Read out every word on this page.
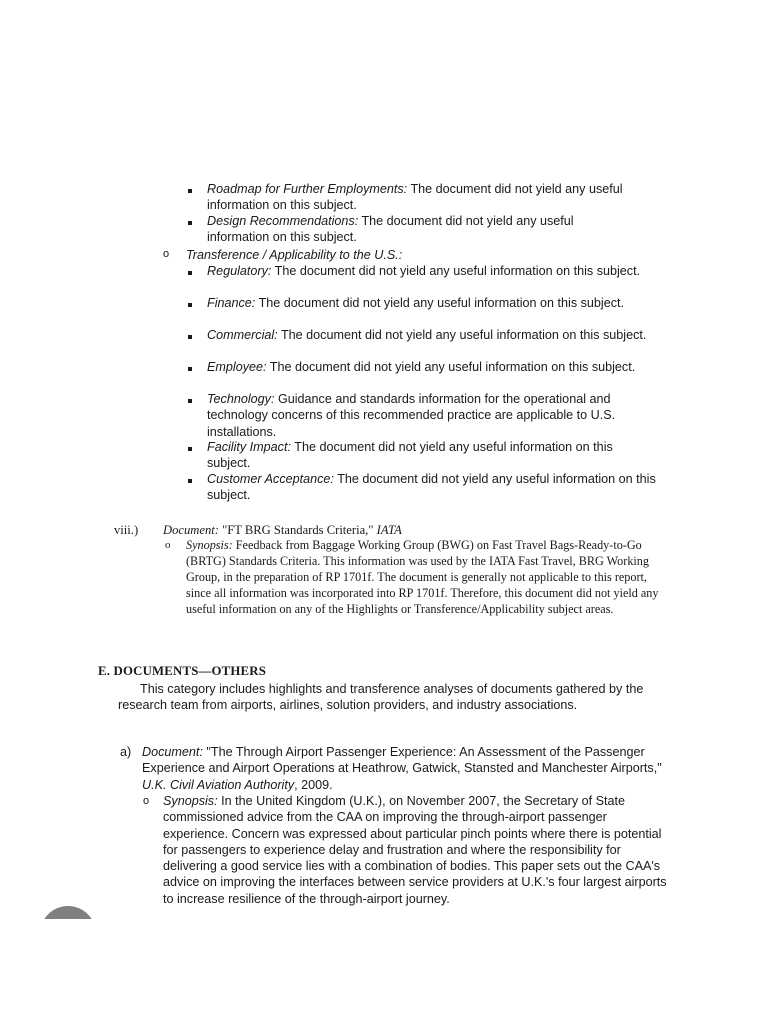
Roadmap for Further Employments: The document did not yield any useful information on this subject.
Design Recommendations: The document did not yield any useful information on this subject.
o Transference / Applicability to the U.S.:
Regulatory: The document did not yield any useful information on this subject.
Finance: The document did not yield any useful information on this subject.
Commercial: The document did not yield any useful information on this subject.
Employee: The document did not yield any useful information on this subject.
Technology: Guidance and standards information for the operational and technology concerns of this recommended practice are applicable to U.S. installations.
Facility Impact: The document did not yield any useful information on this subject.
Customer Acceptance: The document did not yield any useful information on this subject.
viii.) Document: "FT BRG Standards Criteria," IATA
o Synopsis: Feedback from Baggage Working Group (BWG) on Fast Travel Bags-Ready-to-Go (BRTG) Standards Criteria. This information was used by the IATA Fast Travel, BRG Working Group, in the preparation of RP 1701f. The document is generally not applicable to this report, since all information was incorporated into RP 1701f. Therefore, this document did not yield any useful information on any of the Highlights or Transference/Applicability subject areas.
E. DOCUMENTS—OTHERS
This category includes highlights and transference analyses of documents gathered by the research team from airports, airlines, solution providers, and industry associations.
a) Document: "The Through Airport Passenger Experience: An Assessment of the Passenger Experience and Airport Operations at Heathrow, Gatwick, Stansted and Manchester Airports," U.K. Civil Aviation Authority, 2009.
o Synopsis: In the United Kingdom (U.K.), on November 2007, the Secretary of State commissioned advice from the CAA on improving the through-airport passenger experience. Concern was expressed about particular pinch points where there is potential for passengers to experience delay and frustration and where the responsibility for delivering a good service lies with a combination of bodies. This paper sets out the CAA's advice on improving the interfaces between service providers at U.K.'s four largest airports to increase resilience of the through-airport journey.
